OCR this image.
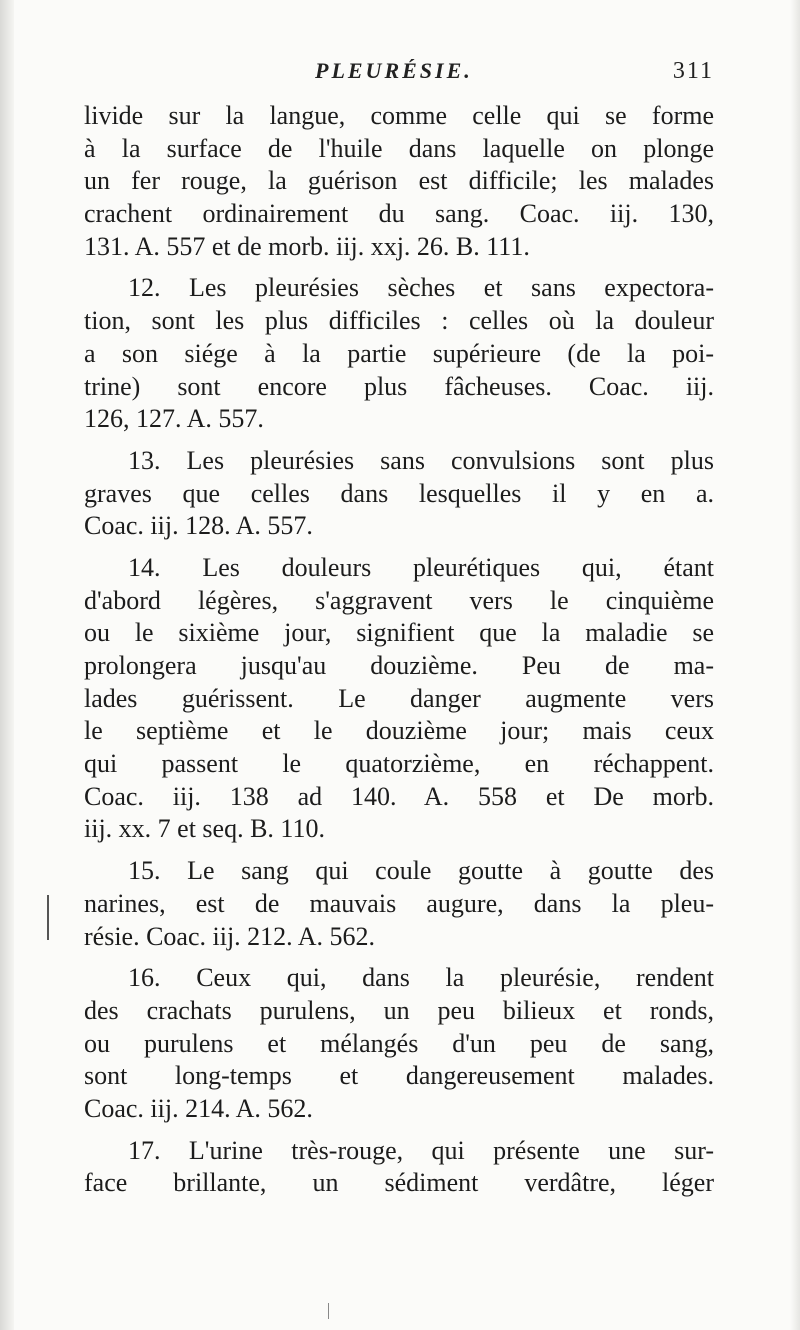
PLEURÉSIE.	311
livide sur la langue, comme celle qui se forme
à la surface de l'huile dans laquelle on plonge
un fer rouge, la guérison est difficile; les malades
crachent ordinairement du sang. Coac. iij. 130,
131. A. 557 et de morb. iij. xxj. 26. B. 111.
12. Les pleurésies sèches et sans expectora-
tion, sont les plus difficiles : celles où la douleur
a son siége à la partie supérieure (de la poi-
trine) sont encore plus fâcheuses. Coac. iij.
126, 127. A. 557.
13. Les pleurésies sans convulsions sont plus
graves que celles dans lesquelles il y en a.
Coac. iij. 128. A. 557.
14. Les douleurs pleurétiques qui, étant
d'abord légères, s'aggravent vers le cinquième
ou le sixième jour, signifient que la maladie se
prolongera jusqu'au douzième. Peu de ma-
lades guérissent. Le danger augmente vers
le septième et le douzième jour; mais ceux
qui passent le quatorzième, en réchappent.
Coac. iij. 138 ad 140. A. 558 et De morb.
iij. xx. 7 et seq. B. 110.
15. Le sang qui coule goutte à goutte des
narines, est de mauvais augure, dans la pleu-
résie. Coac. iij. 212. A. 562.
16. Ceux qui, dans la pleurésie, rendent
des crachats purulens, un peu bilieux et ronds,
ou purulens et mélangés d'un peu de sang,
sont long-temps et dangereusement malades.
Coac. iij. 214. A. 562.
17. L'urine très-rouge, qui présente une sur-
face brillante, un sédiment verdâtre, léger
